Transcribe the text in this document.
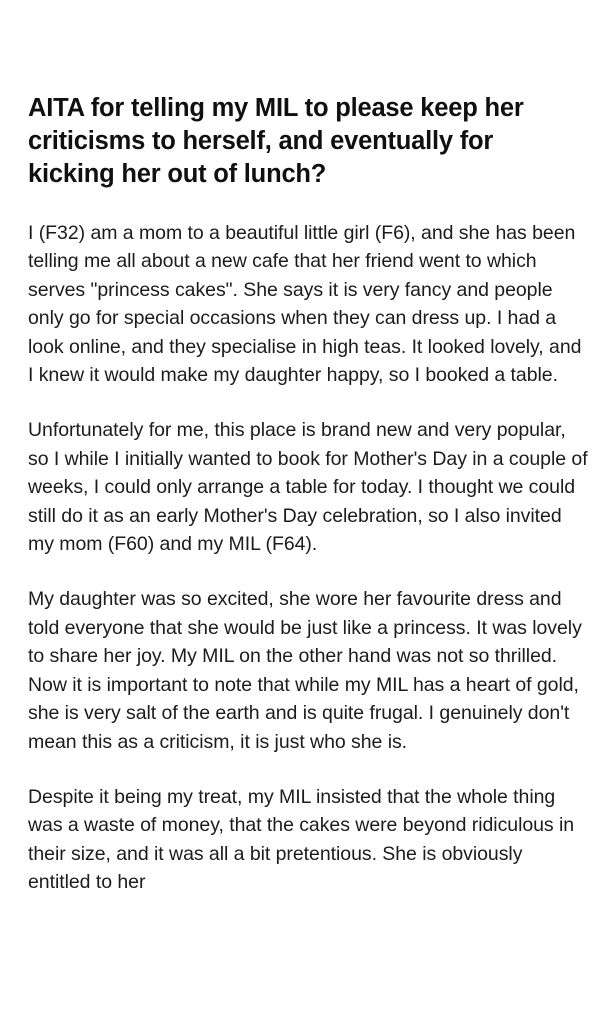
AITA for telling my MIL to please keep her criticisms to herself, and eventually for kicking her out of lunch?

I (F32) am a mom to a beautiful little girl (F6), and she has been telling me all about a new cafe that her friend went to which serves "princess cakes". She says it is very fancy and people only go for special occasions when they can dress up. I had a look online, and they specialise in high teas. It looked lovely, and I knew it would make my daughter happy, so I booked a table.

Unfortunately for me, this place is brand new and very popular, so I while I initially wanted to book for Mother's Day in a couple of weeks, I could only arrange a table for today. I thought we could still do it as an early Mother's Day celebration, so I also invited my mom (F60) and my MIL (F64).

My daughter was so excited, she wore her favourite dress and told everyone that she would be just like a princess. It was lovely to share her joy. My MIL on the other hand was not so thrilled. Now it is important to note that while my MIL has a heart of gold, she is very salt of the earth and is quite frugal. I genuinely don't mean this as a criticism, it is just who she is.

Despite it being my treat, my MIL insisted that the whole thing was a waste of money, that the cakes were beyond ridiculous in their size, and it was all a bit pretentious. She is obviously entitled to her
